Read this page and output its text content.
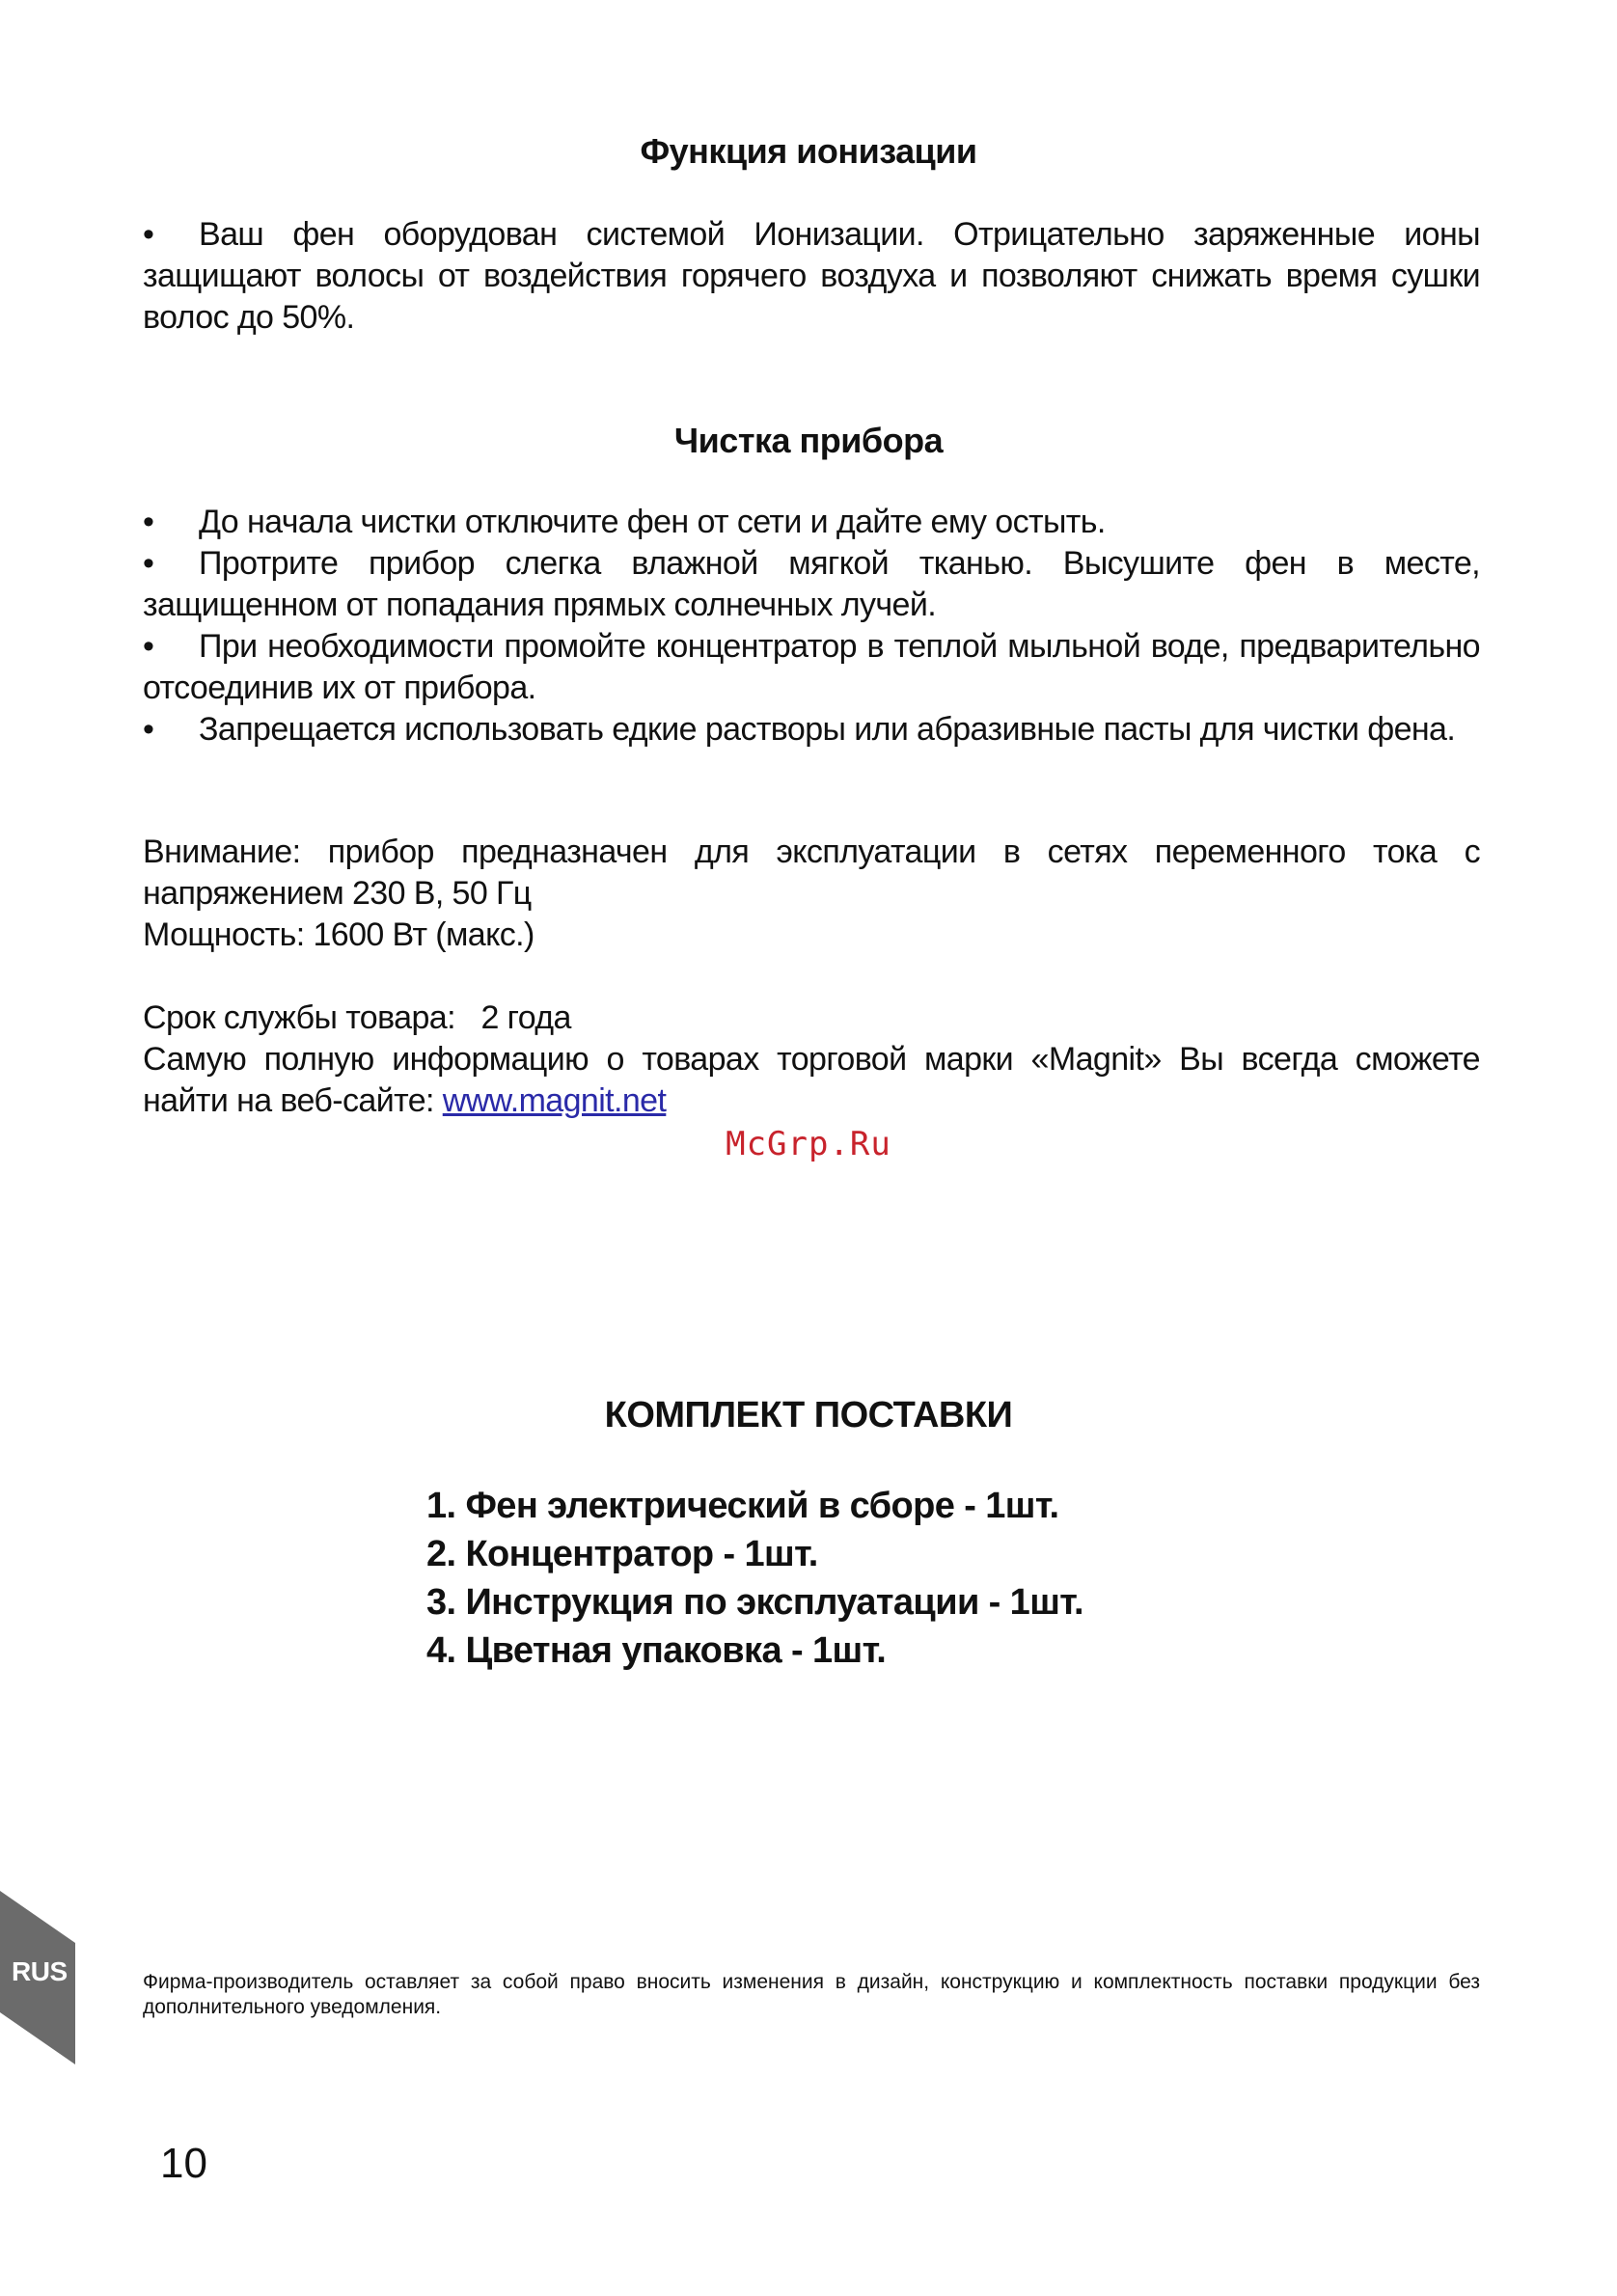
Функция ионизации

• Ваш фен оборудован системой Ионизации. Отрицательно заряженные ионы защищают волосы от воздействия горячего воздуха и позволяют снижать время сушки волос до 50%.

Чистка прибора

• До начала чистки отключите фен от сети и дайте ему остыть.

• Протрите прибор слегка влажной мягкой тканью. Высушите фен в месте, защищенном от попадания прямых солнечных лучей.

• При необходимости промойте концентратор в теплой мыльной воде, предварительно отсоединив их от прибора.

• Запрещается использовать едкие растворы или абразивные пасты для чистки фена.

Внимание: прибор предназначен для эксплуатации в сетях переменного тока с напряжением 230 В, 50 Гц

Мощность: 1600 Вт (макс.)

Срок службы товара:   2 года

Самую полную информацию о товарах торговой марки «Magnit» Вы всегда сможете найти на веб-сайте: www.magnit.net

McGrp.Ru
КОМПЛЕКТ ПОСТАВКИ
1. Фен электрический в сборе - 1шт.
2. Концентратор - 1шт.
3. Инструкция по эксплуатации - 1шт.
4. Цветная упаковка - 1шт.
RUS	Фирма-производитель оставляет за собой право вносить изменения в дизайн, конструкцию и комплектность поставки продукции без дополнительного уведомления.

10
